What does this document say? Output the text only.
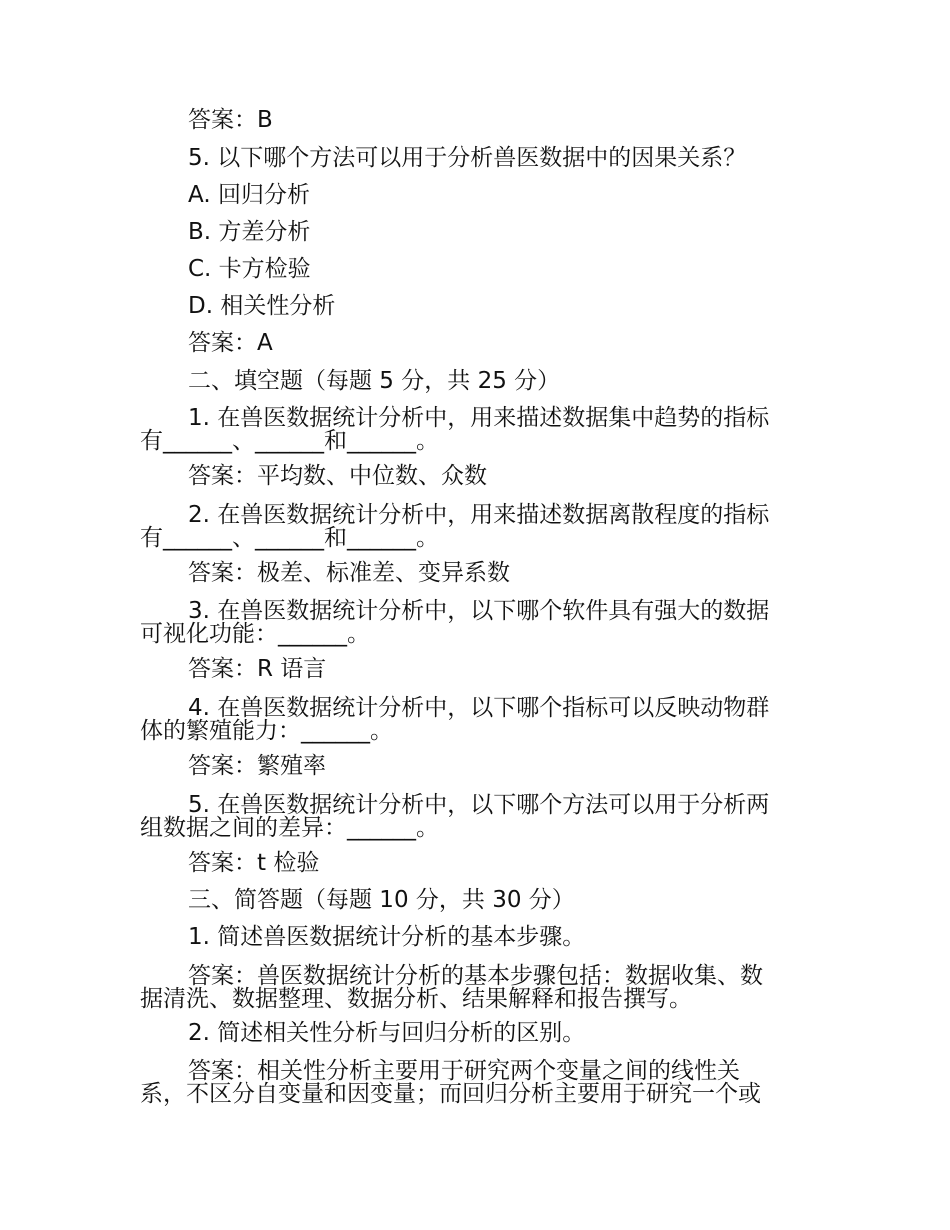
答案：B
5. 以下哪个方法可以用于分析兽医数据中的因果关系？
A. 回归分析
B. 方差分析
C. 卡方检验
D. 相关性分析
答案：A
二、填空题（每题 5 分，共 25 分）
1. 在兽医数据统计分析中，用来描述数据集中趋势的指标
有______、______和______。
答案：平均数、中位数、众数
2. 在兽医数据统计分析中，用来描述数据离散程度的指标
有______、______和______。
答案：极差、标准差、变异系数
3. 在兽医数据统计分析中，以下哪个软件具有强大的数据
可视化功能：______。
答案：R 语言
4. 在兽医数据统计分析中，以下哪个指标可以反映动物群
体的繁殖能力：______。
答案：繁殖率
5. 在兽医数据统计分析中，以下哪个方法可以用于分析两
组数据之间的差异：______。
答案：t 检验
三、简答题（每题 10 分，共 30 分）
1. 简述兽医数据统计分析的基本步骤。
答案：兽医数据统计分析的基本步骤包括：数据收集、数
据清洗、数据整理、数据分析、结果解释和报告撰写。
2. 简述相关性分析与回归分析的区别。
答案：相关性分析主要用于研究两个变量之间的线性关
系，不区分自变量和因变量；而回归分析主要用于研究一个或
